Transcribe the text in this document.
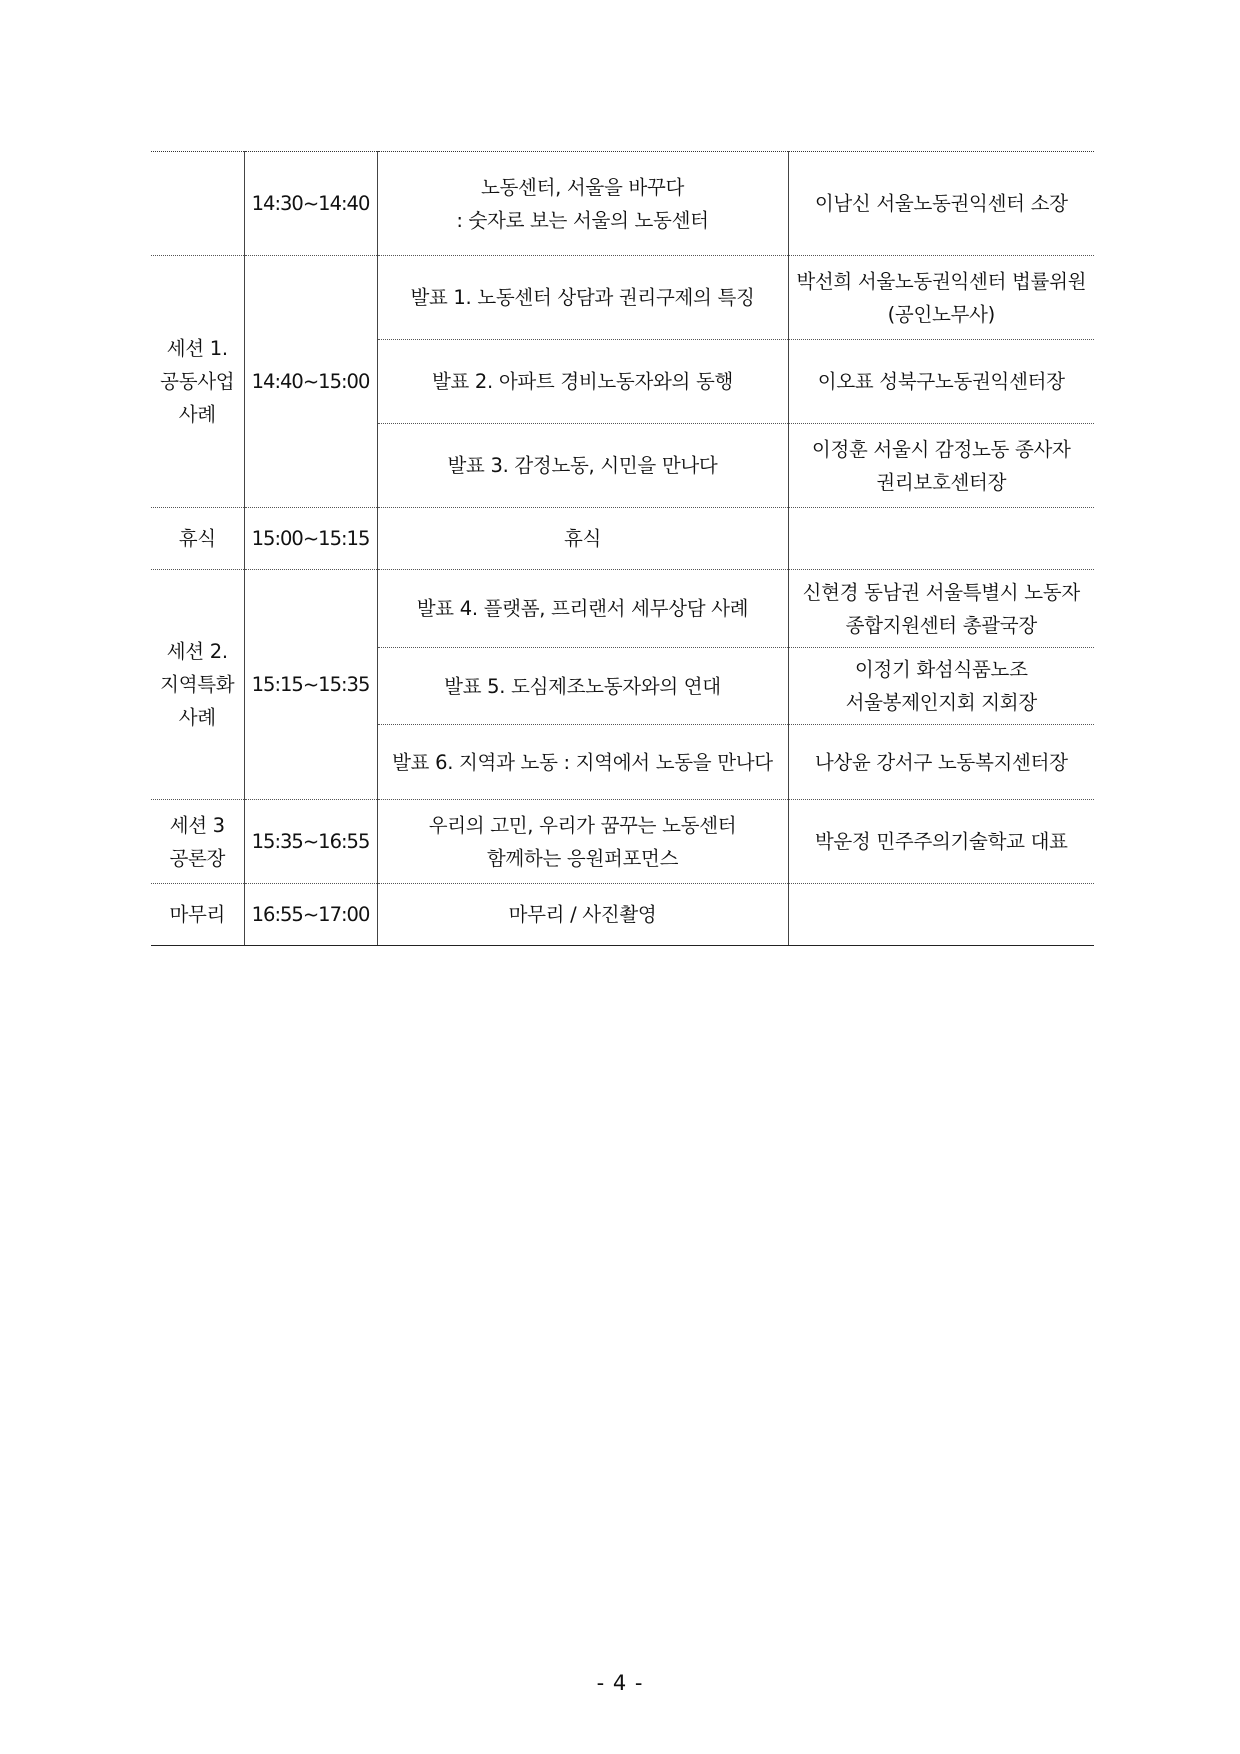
	14:30~14:40	노동센터, 서울을 바꾸다
: 숫자로 보는 서울의 노동센터	이남신 서울노동권익센터 소장

세션 1.
공동사업
사례	14:40~15:00	발표 1. 노동센터 상담과 권리구제의 특징	박선희 서울노동권익센터 법률위원
(공인노무사)

		발표 2. 아파트 경비노동자와의 동행	이오표 성북구노동권익센터장

		발표 3. 감정노동, 시민을 만나다	이정훈 서울시 감정노동 종사자
권리보호센터장

휴식	15:00~15:15	휴식	

세션 2.
지역특화
사례	15:15~15:35	발표 4. 플랫폼, 프리랜서 세무상담 사례	신현경 동남권 서울특별시 노동자
종합지원센터 총괄국장

		발표 5. 도심제조노동자와의 연대	이정기 화섬식품노조
서울봉제인지회 지회장

		발표 6. 지역과 노동 : 지역에서 노동을 만나다	나상윤 강서구 노동복지센터장

세션 3
공론장	15:35~16:55	우리의 고민, 우리가 꿈꾸는 노동센터
함께하는 응원퍼포먼스	박운정 민주주의기술학교 대표

마무리	16:55~17:00	마무리 / 사진촬영	

- 4 -
